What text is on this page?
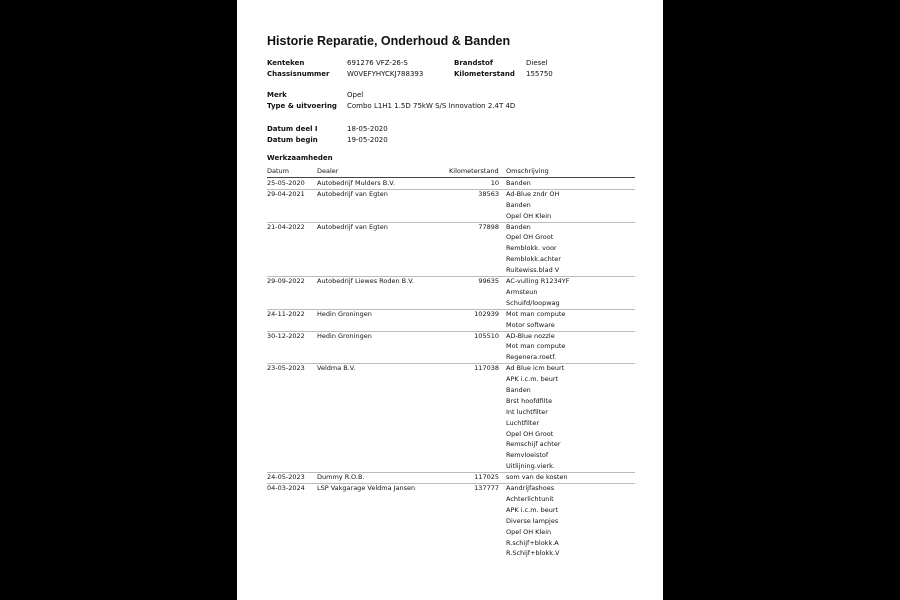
Historie Reparatie, Onderhoud & Banden
Kenteken	691276 VFZ-26-S	Brandstof	Diesel
Chassisnummer	W0VEFYHYCKJ788393	Kilometerstand 155750
Merk	Opel
Type & uitvoering Combo L1H1 1.5D 75kW S/S Innovation 2.4T 4D
Datum deel I	18-05-2020
Datum begin	19-05-2020
Werkzaamheden
Datum	Dealer	Kilometerstand Omschrijving
25-05-2020 Autobedrijf Mulders B.V.	10 Banden
29-04-2021 Autobedrijf van Egten	38563 Ad-Blue zndr OH
Banden
Opel OH Klein
21-04-2022 Autobedrijf van Egten	77898 Banden
Opel OH Groot
Remblokk. voor
Remblokk.achter
Ruitewiss.blad V
29-09-2022 Autobedrijf Liewes Roden B.V.	99635 AC-vulling R1234YF
Armsteun
Schuifd/loopwag
24-11-2022 Hedin Groningen	102939 Mot man compute
Motor software
30-12-2022 Hedin Groningen	105510 AD-Blue nozzle
Mot man compute
Regenera.roetf.
23-05-2023 Veldma B.V.	117038 Ad Blue icm beurt
APK i.c.m. beurt
Banden
Brst hoofdfilte
Int luchtfilter
Luchtfilter
Opel OH Groot
Remschijf achter
Remvloeistof
Uitlijning.vierk.
24-05-2023 Dummy R.O.B.	117025 som van de kosten
04-03-2024 LSP Vakgarage Veldma Jansen	137777 Aandrijfashoes
Achterlichtunit
APK i.c.m. beurt
Diverse lampjes
Opel OH Klein
R.schijf+blokk.A
R.Schijf+blokk.V
